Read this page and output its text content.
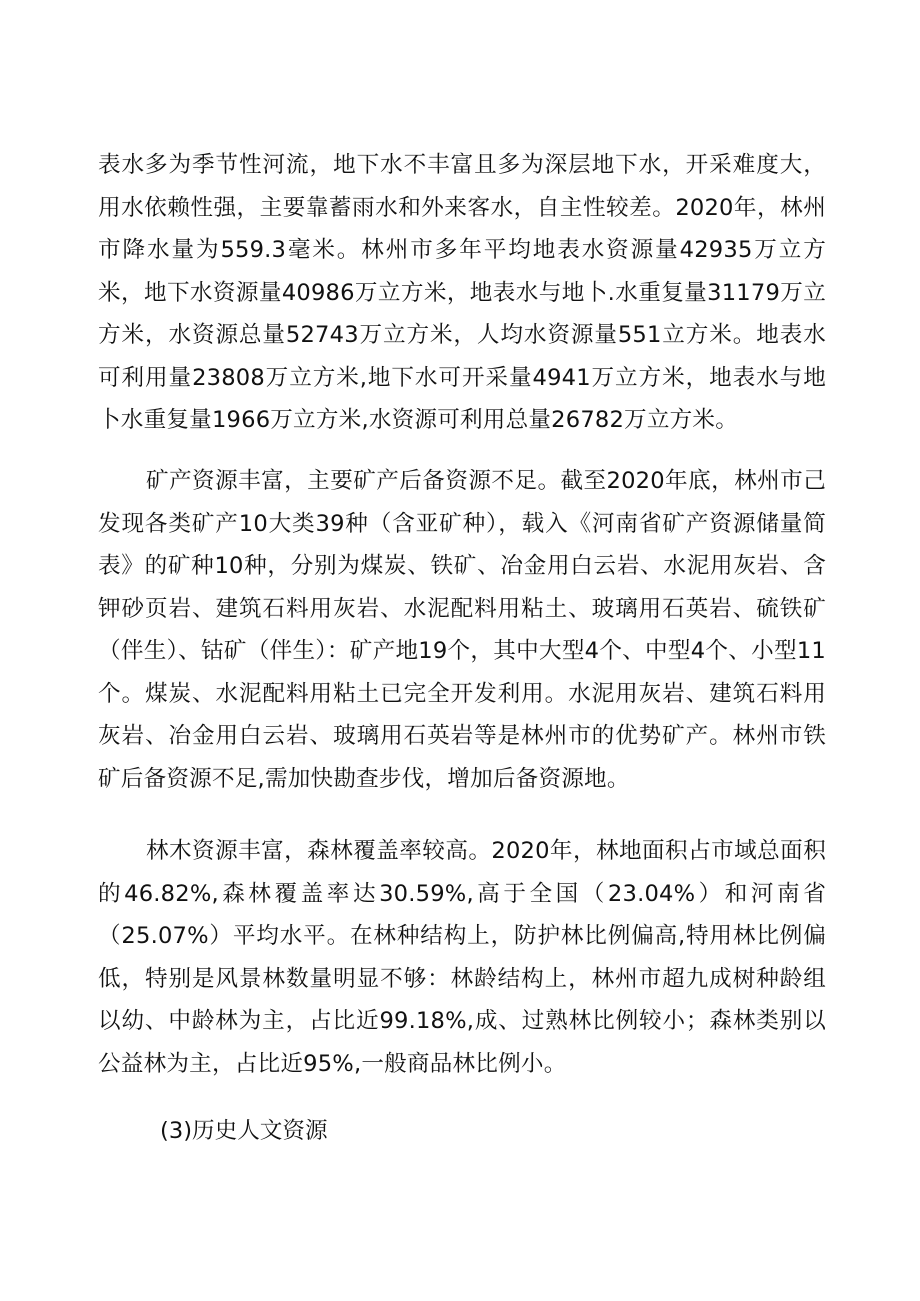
表水多为季节性河流，地下水不丰富且多为深层地下水，开采难度大，用水依赖性强，主要靠蓄雨水和外来客水，自主性较差。2020年，林州市降水量为559.3毫米。林州市多年平均地表水资源量42935万立方米，地下水资源量40986万立方米，地表水与地卜.水重复量31179万立方米，水资源总量52743万立方米，人均水资源量551立方米。地表水可利用量23808万立方米,地下水可开采量4941万立方米，地表水与地卜水重复量1966万立方米,水资源可利用总量26782万立方米。

矿产资源丰富，主要矿产后备资源不足。截至2020年底，林州市己发现各类矿产10大类39种（含亚矿种），载入《河南省矿产资源储量简表》的矿种10种，分别为煤炭、铁矿、冶金用白云岩、水泥用灰岩、含钾砂页岩、建筑石料用灰岩、水泥配料用粘土、玻璃用石英岩、硫铁矿（伴生）、钴矿（伴生）：矿产地19个，其中大型4个、中型4个、小型11个。煤炭、水泥配料用粘土已完全开发利用。水泥用灰岩、建筑石料用灰岩、冶金用白云岩、玻璃用石英岩等是林州市的优势矿产。林州市铁矿后备资源不足,需加快勘查步伐，增加后备资源地。

林木资源丰富，森林覆盖率较高。2020年，林地面积占市域总面积的46.82%,森林覆盖率达30.59%,高于全国（23.04%）和河南省（25.07%）平均水平。在林种结构上，防护林比例偏高,特用林比例偏低，特别是风景林数量明显不够：林龄结构上，林州市超九成树种龄组以幼、中龄林为主，占比近99.18%,成、过熟林比例较小；森林类别以公益林为主，占比近95%,一般商品林比例小。

(3)历史人文资源
